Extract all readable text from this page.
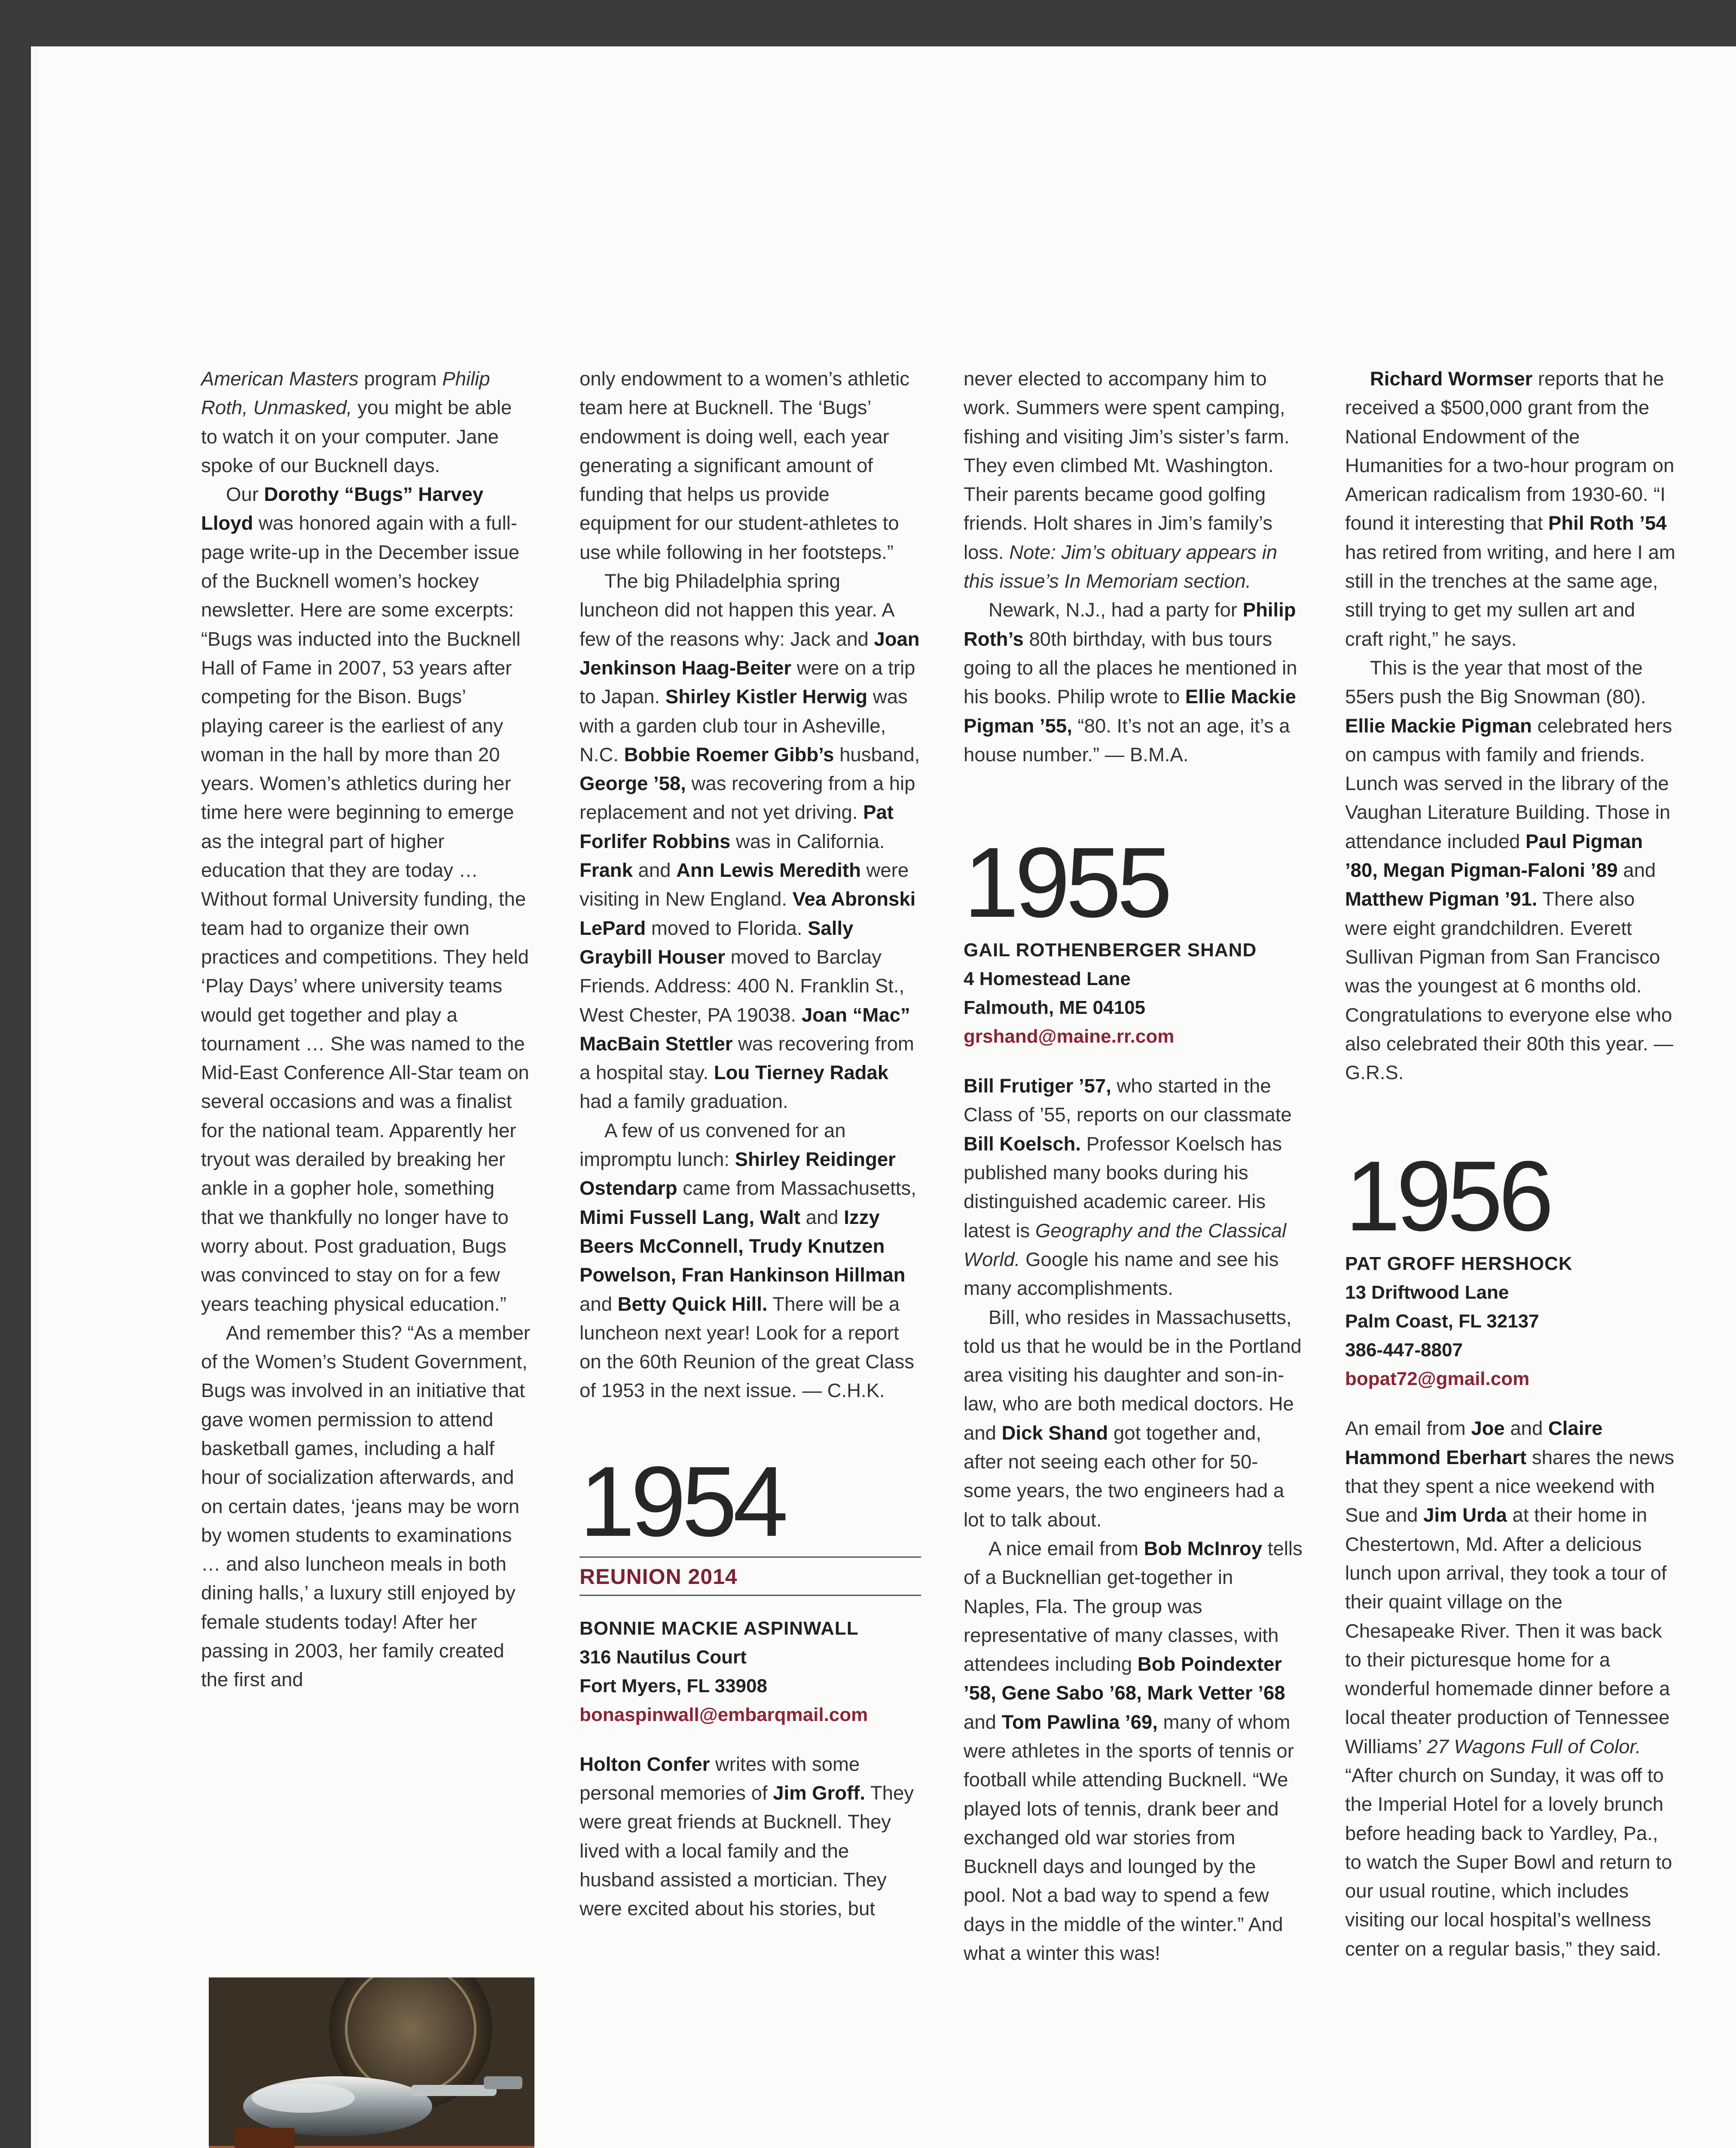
American Masters program Philip Roth, Unmasked, you might be able to watch it on your computer. Jane spoke of our Bucknell days.

Our Dorothy “Bugs” Harvey Lloyd was honored again with a full-page write-up in the December issue of the Bucknell women’s hockey newsletter. Here are some excerpts: “Bugs was inducted into the Bucknell Hall of Fame in 2007, 53 years after competing for the Bison. Bugs’ playing career is the earliest of any woman in the hall by more than 20 years. Women’s athletics during her time here were beginning to emerge as the integral part of higher education that they are today … Without formal University funding, the team had to organize their own practices and competitions. They held ‘Play Days’ where university teams would get together and play a tournament … She was named to the Mid-East Conference All-Star team on several occasions and was a finalist for the national team. Apparently her tryout was derailed by breaking her ankle in a gopher hole, something that we thankfully no longer have to worry about. Post graduation, Bugs was convinced to stay on for a few years teaching physical education.”

And remember this? “As a member of the Women’s Student Government, Bugs was involved in an initiative that gave women permission to attend basketball games, including a half hour of socialization afterwards, and on certain dates, ‘jeans may be worn by women students to examinations … and also luncheon meals in both dining halls,’ a luxury still enjoyed by female students today! After her passing in 2003, her family created the first and

only endowment to a women’s athletic team here at Bucknell. The ‘Bugs’ endowment is doing well, each year generating a significant amount of funding that helps us provide equipment for our student-athletes to use while following in her footsteps.”

The big Philadelphia spring luncheon did not happen this year. A few of the reasons why: Jack and Joan Jenkinson Haag-Beiter were on a trip to Japan. Shirley Kistler Herwig was with a garden club tour in Asheville, N.C. Bobbie Roemer Gibb’s husband, George ’58, was recovering from a hip replacement and not yet driving. Pat Forlifer Robbins was in California. Frank and Ann Lewis Meredith were visiting in New England. Vea Abronski LePard moved to Florida. Sally Graybill Houser moved to Barclay Friends. Address: 400 N. Franklin St., West Chester, PA 19038. Joan “Mac” MacBain Stettler was recovering from a hospital stay. Lou Tierney Radak had a family graduation.

A few of us convened for an impromptu lunch: Shirley Reidinger Ostendarp came from Massachusetts, Mimi Fussell Lang, Walt and Izzy Beers McConnell, Trudy Knutzen Powelson, Fran Hankinson Hillman and Betty Quick Hill. There will be a luncheon next year! Look for a report on the 60th Reunion of the great Class of 1953 in the next issue. — C.H.K.

1954
REUNION 2014
BONNIE MACKIE ASPINWALL
316 Nautilus Court
Fort Myers, FL 33908
bonaspinwall@embarqmail.com

Holton Confer writes with some personal memories of Jim Groff. They were great friends at Bucknell. They lived with a local family and the husband assisted a mortician. They were excited about his stories, but

never elected to accompany him to work. Summers were spent camping, fishing and visiting Jim’s sister’s farm. They even climbed Mt. Washington. Their parents became good golfing friends. Holt shares in Jim’s family’s loss. Note: Jim’s obituary appears in this issue’s In Memoriam section.

Newark, N.J., had a party for Philip Roth’s 80th birthday, with bus tours going to all the places he mentioned in his books. Philip wrote to Ellie Mackie Pigman ’55, “80. It’s not an age, it’s a house number.” — B.M.A.

1955
GAIL ROTHENBERGER SHAND
4 Homestead Lane
Falmouth, ME 04105
grshand@maine.rr.com

Bill Frutiger ’57, who started in the Class of ’55, reports on our classmate Bill Koelsch. Professor Koelsch has published many books during his distinguished academic career. His latest is Geography and the Classical World. Google his name and see his many accomplishments.

Bill, who resides in Massachusetts, told us that he would be in the Portland area visiting his daughter and son-in-law, who are both medical doctors. He and Dick Shand got together and, after not seeing each other for 50-some years, the two engineers had a lot to talk about.

A nice email from Bob McInroy tells of a Bucknellian get-together in Naples, Fla. The group was representative of many classes, with attendees including Bob Poindexter ’58, Gene Sabo ’68, Mark Vetter ’68 and Tom Pawlina ’69, many of whom were athletes in the sports of tennis or football while attending Bucknell. “We played lots of tennis, drank beer and exchanged old war stories from Bucknell days and lounged by the pool. Not a bad way to spend a few days in the middle of the winter.” And what a winter this was!

Richard Wormser reports that he received a $500,000 grant from the National Endowment of the Humanities for a two-hour program on American radicalism from 1930-60. “I found it interesting that Phil Roth ’54 has retired from writing, and here I am still in the trenches at the same age, still trying to get my sullen art and craft right,” he says.

This is the year that most of the 55ers push the Big Snowman (80). Ellie Mackie Pigman celebrated hers on campus with family and friends. Lunch was served in the library of the Vaughan Literature Building. Those in attendance included Paul Pigman ’80, Megan Pigman-Faloni ’89 and Matthew Pigman ’91. There also were eight grandchildren. Everett Sullivan Pigman from San Francisco was the youngest at 6 months old. Congratulations to everyone else who also celebrated their 80th this year. —G.R.S.

1956
PAT GROFF HERSHOCK
13 Driftwood Lane
Palm Coast, FL 32137
386-447-8807
bopat72@gmail.com

An email from Joe and Claire Hammond Eberhart shares the news that they spent a nice weekend with Sue and Jim Urda at their home in Chestertown, Md. After a delicious lunch upon arrival, they took a tour of their quaint village on the Chesapeake River. Then it was back to their picturesque home for a wonderful homemade dinner before a local theater production of Tennessee Williams’ 27 Wagons Full of Color. “After church on Sunday, it was off to the Imperial Hotel for a lovely brunch before heading back to Yardley, Pa., to watch the Super Bowl and return to our usual routine, which includes visiting our local hospital’s wellness center on a regular basis,” they said.
